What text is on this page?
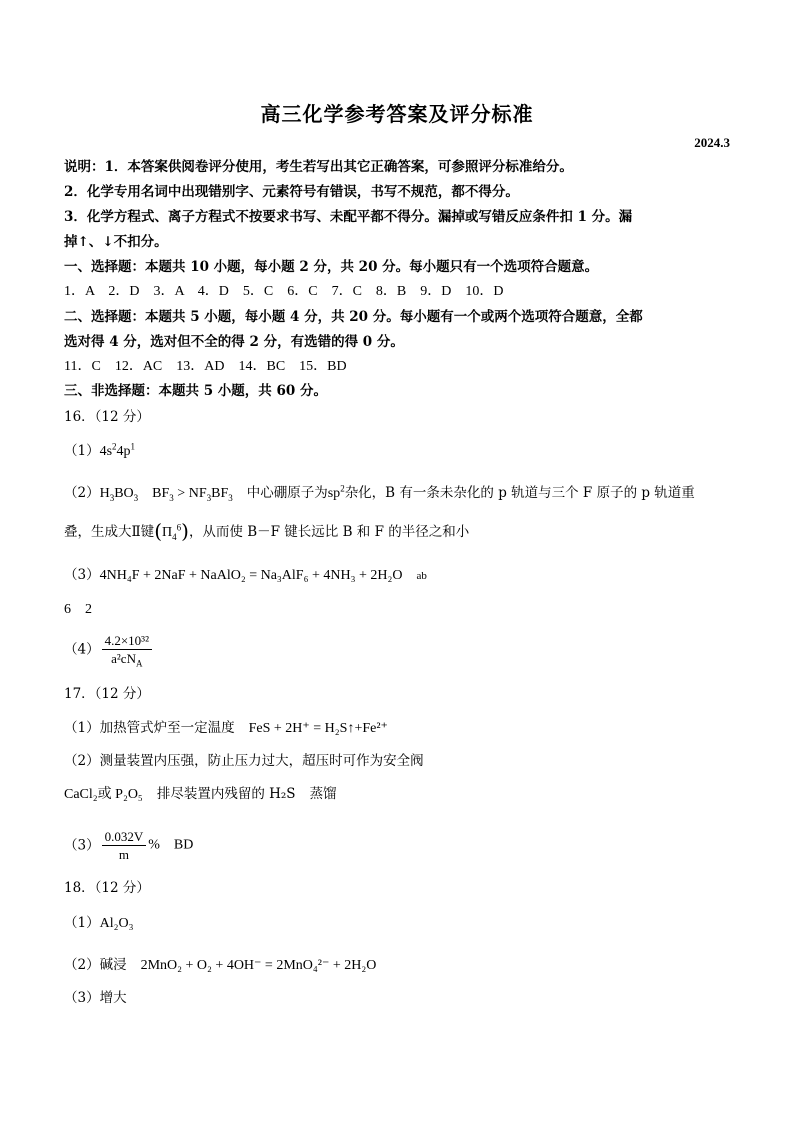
高三化学参考答案及评分标准
2024.3
说明：1．本答案供阅卷评分使用，考生若写出其它正确答案，可参照评分标准给分。
2．化学专用名词中出现错别字、元素符号有错误，书写不规范，都不得分。
3．化学方程式、离子方程式不按要求书写、未配平都不得分。漏掉或写错反应条件扣 1 分。漏
掉↑、↓不扣分。
一、选择题：本题共 10 小题，每小题 2 分，共 20 分。每小题只有一个选项符合题意。
1．A　2．D　3．A　4．D　5．C　6．C　7．C　8．B　9．D　10．D
二、选择题：本题共 5 小题，每小题 4 分，共 20 分。每小题有一个或两个选项符合题意，全都
选对得 4 分，选对但不全的得 2 分，有选错的得 0 分。
11．C　12．AC　13．AD　14．BC　15．BD
三、非选择题：本题共 5 小题，共 60 分。
16．（12 分）
$(1)4s^24p^1$
$(2)H_3BO_3$ $BF_3 > NF_3BF_3$ 中心硼原子为$sp^2$杂化，B 有一条未杂化的 p 轨道与三个 F 原子的 p 轨道重
叠，生成大Ⅱ键$(\Pi_4^6)$，从而使 B－F 键长远比 B 和 F 的半径之和小
（3）4NH₄F + 2NaF + NaAlO₂ = Na₃AlF₆ + 4NH₃ + 2H₂O ab
6　2
$(4) \frac{\text{4.2×10³²}}{a^2cN_A}$
17．（12 分）
（1）加热管式炉至一定温度 FeS + 2H⁺ = H₂S↑+Fe²⁺
（2）测量装置内压强，防止压力过大，超压时可作为安全阀
CaCl₂或 P₂O₅ 排尽装置内残留的 H₂S 蒸馏
$(3) \frac{0.032V}{m}$ % BD
18．（12 分）
（1）Al₂O₃
（2）碱浸 2MnO₂ + O₂ + 4OH⁻ = 2MnO₄²⁻ + 2H₂O
（3）增大
